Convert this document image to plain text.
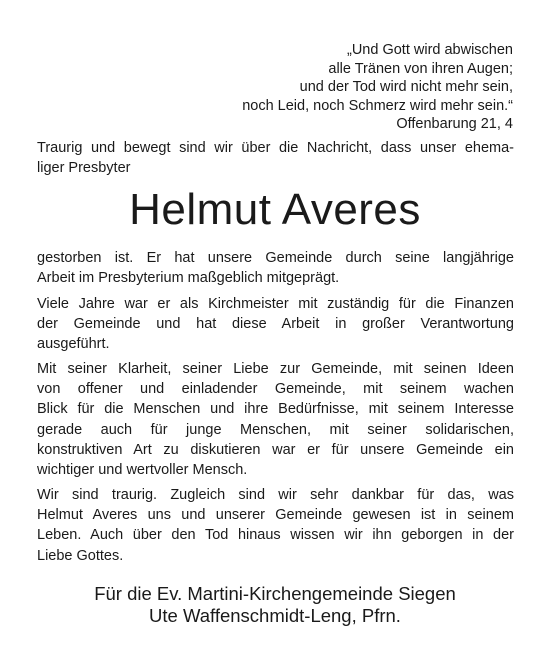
„Und Gott wird abwischen
alle Tränen von ihren Augen;
und der Tod wird nicht mehr sein,
noch Leid, noch Schmerz wird mehr sein.“
Offenbarung 21, 4
Traurig und bewegt sind wir über die Nachricht, dass unser ehema-
liger Presbyter
Helmut Averes
gestorben ist. Er hat unsere Gemeinde durch seine langjährige
Arbeit im Presbyterium maßgeblich mitgeprägt.
Viele Jahre war er als Kirchmeister mit zuständig für die Finanzen
der Gemeinde und hat diese Arbeit in großer Verantwortung
ausgeführt.
Mit seiner Klarheit, seiner Liebe zur Gemeinde, mit seinen Ideen
von offener und einladender Gemeinde, mit seinem wachen
Blick für die Menschen und ihre Bedürfnisse, mit seinem Interesse
gerade auch für junge Menschen, mit seiner solidarischen,
konstruktiven Art zu diskutieren war er für unsere Gemeinde ein
wichtiger und wertvoller Mensch.
Wir sind traurig. Zugleich sind wir sehr dankbar für das, was
Helmut Averes uns und unserer Gemeinde gewesen ist in seinem
Leben. Auch über den Tod hinaus wissen wir ihn geborgen in der
Liebe Gottes.
Für die Ev. Martini-Kirchengemeinde Siegen
Ute Waffenschmidt-Leng, Pfrn.
